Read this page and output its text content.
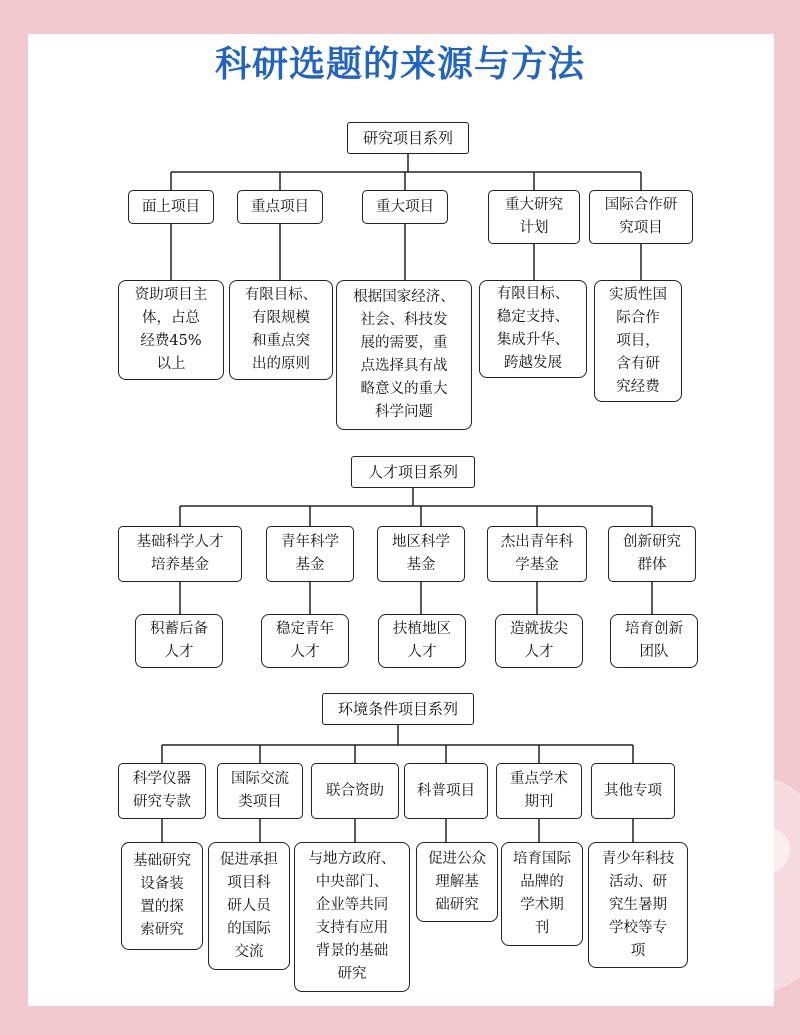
科研选题的来源与方法
研究项目系列
面上项目	重点项目	重大项目	重大研究
计划
国际合作研
究项目
资助项目主
体，占总
经费45%
以上
有限目标、
有限规模
和重点突
出的原则
根据国家经济、
社会、科技发
展的需要，重
点选择具有战
略意义的重大
科学问题
有限目标、
稳定支持、
集成升华、
跨越发展
实质性国
际合作
项目，
含有研
究经费
人才项目系列
基础科学人才
培养基金
青年科学
基金
地区科学
基金
杰出青年科
学基金
创新研究
群体
积蓄后备
人才
稳定青年
人才
扶植地区
人才
造就拔尖
人才
培育创新
团队
环境条件项目系列
科学仪器
研究专款
国际交流
类项目
联合资助	科普项目
重点学术
期刊
其他专项
基础研究
设备装
置的探
索研究
促进承担
项目科
研人员
的国际
交流
与地方政府、
中央部门、
企业等共同
支持有应用
背景的基础
研究
促进公众
理解基
础研究
培育国际
品牌的
学术期
刊
青少年科技
活动、研
究生暑期
学校等专
项
